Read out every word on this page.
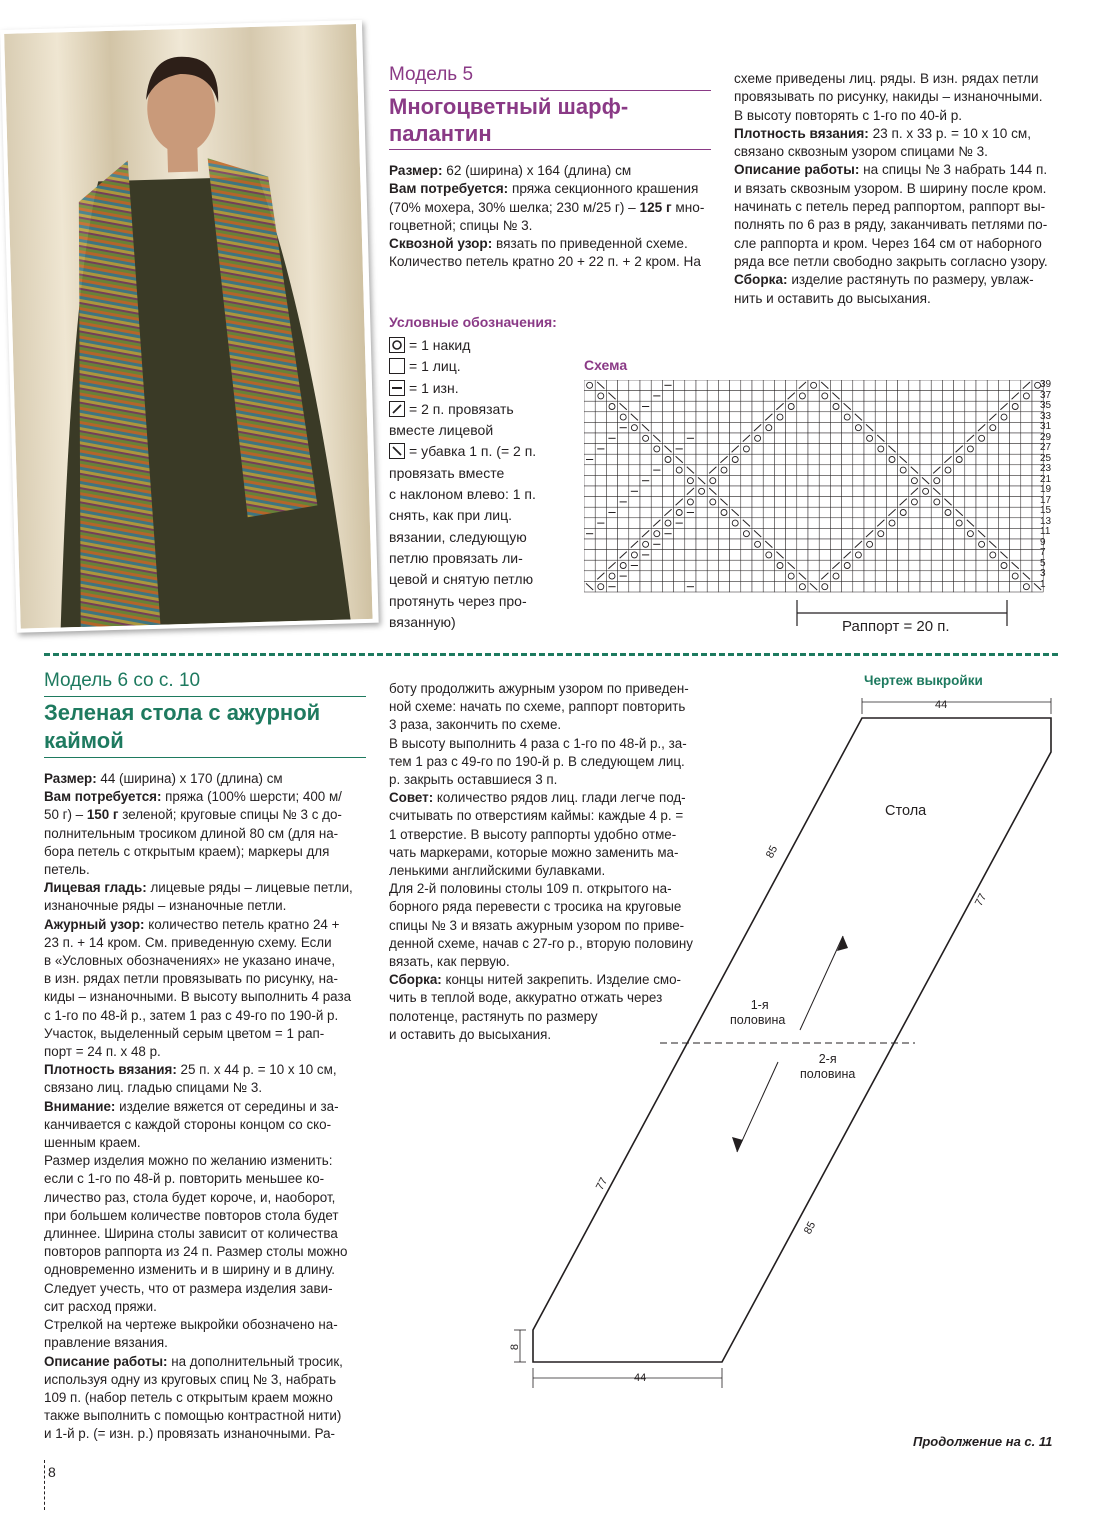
Модель 5
Многоцветный шарф-
палантин

Размер: 62 (ширина) х 164 (длина) см

Вам потребуется: пряжа секционного крашения

(70% мохера, 30% шелка; 230 м/25 г) – 125 г мно-

гоцветной; спицы № 3.

Сквозной узор: вязать по приведенной схеме.

Количество петель кратно 20 + 22 п. + 2 кром. На

схеме приведены лиц. ряды. В изн. рядах петли

провязывать по рисунку, накиды – изнаночными.

В высоту повторять с 1-го по 40-й р.

Плотность вязания: 23 п. х 33 р. = 10 х 10 см,

связано сквозным узором спицами № 3.

Описание работы: на спицы № 3 набрать 144 п.

и вязать сквозным узором. В ширину после кром.

начинать с петель перед раппортом, раппорт вы-

полнять по 6 раз в ряду, заканчивать петлями по-

сле раппорта и кром. Через 164 см от наборного

ряда все петли свободно закрыть согласно узору.

Сборка: изделие растянуть по размеру, увлаж-

нить и оставить до высыхания.

Условные обозначения:
= 1 накид
= 1 лиц.
= 1 изн.
= 2 п. провязать
вместе лицевой
= убавка 1 п. (= 2 п.
провязать вместе
с наклоном влево: 1 п.
снять, как при лиц.
вязании, следующую
петлю провязать ли-
цевой и снятую петлю
протянуть через про-
вязанную)
Схема
39
37
35
33
31
29
27
25
23
21
19
17
15
13
11
9
7
5
3
1
Раппорт = 20 п.
Модель 6 со с. 10
Зеленая стола с ажурной
каймой

Размер: 44 (ширина) х 170 (длина) см

Вам потребуется: пряжа (100% шерсти; 400 м/

50 г) – 150 г зеленой; круговые спицы № 3 с до-

полнительным тросиком длиной 80 см (для на-

бора петель с открытым краем); маркеры для

петель.

Лицевая гладь: лицевые ряды – лицевые петли,

изнаночные ряды – изнаночные петли.

Ажурный узор: количество петель кратно 24 +

23 п. + 14 кром. См. приведенную схему. Если

в «Условных обозначениях» не указано иначе,

в изн. рядах петли провязывать по рисунку, на-

киды – изнаночными. В высоту выполнить 4 раза

с 1-го по 48-й р., затем 1 раз с 49-го по 190-й р.

Участок, выделенный серым цветом = 1 рап-

порт = 24 п. х 48 р.

Плотность вязания: 25 п. х 44 р. = 10 х 10 см,

связано лиц. гладью спицами № 3.

Внимание: изделие вяжется от середины и за-

канчивается с каждой стороны концом со ско-

шенным краем.

Размер изделия можно по желанию изменить:

если с 1-го по 48-й р. повторить меньшее ко-

личество раз, стола будет короче, и, наоборот,

при большем количестве повторов стола будет

длиннее. Ширина столы зависит от количества

повторов раппорта из 24 п. Размер столы можно

одновременно изменить и в ширину и в длину.

Следует учесть, что от размера изделия зави-

сит расход пряжи.

Стрелкой на чертеже выкройки обозначено на-

правление вязания.

Описание работы: на дополнительный тросик,

используя одну из круговых спиц № 3, набрать

109 п. (набор петель с открытым краем можно

также выполнить с помощью контрастной нити)

и 1-й р. (= изн. р.) провязать изнаночными. Ра-

боту продолжить ажурным узором по приведен-

ной схеме: начать по схеме, раппорт повторить

3 раза, закончить по схеме.

В высоту выполнить 4 раза с 1-го по 48-й р., за-

тем 1 раз с 49-го по 190-й р. В следующем лиц.

р. закрыть оставшиеся 3 п.

Совет: количество рядов лиц. глади легче под-

считывать по отверстиям каймы: каждые 4 р. =

1 отверстие. В высоту раппорты удобно отме-

чать маркерами, которые можно заменить ма-

ленькими английскими булавками.

Для 2-й половины столы 109 п. открытого на-

борного ряда перевести с тросика на круговые

спицы № 3 и вязать ажурным узором по приве-

денной схеме, начав с 27-го р., вторую половину

вязать, как первую.

Сборка: концы нитей закрепить. Изделие смо-

чить в теплой воде, аккуратно отжать через

полотенце, растянуть по размеру

и оставить до высыхания.

Чертеж выкройки
44
44
8
85
77
77
85
Стола
1-я
половина
2-я
половина
Продолжение на с. 11
8
